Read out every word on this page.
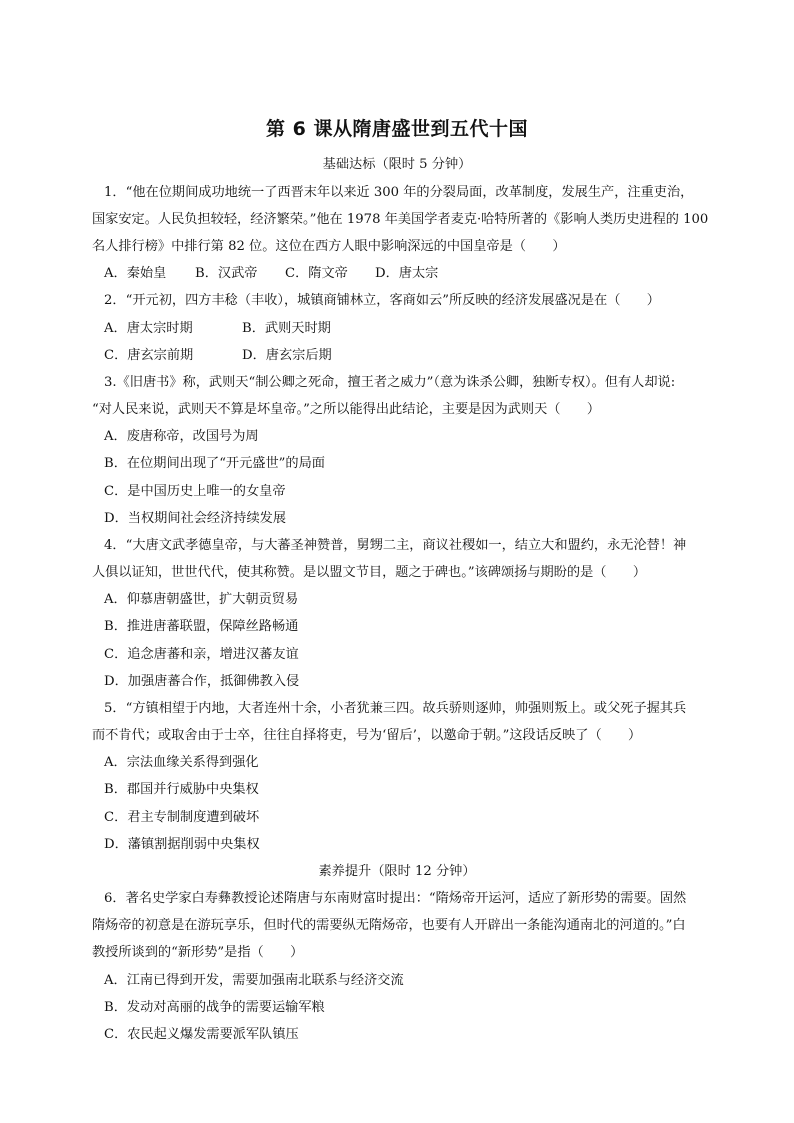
第 6 课从隋唐盛世到五代十国
基础达标（限时 5 分钟）
1．“他在位期间成功地统一了西晋末年以来近 300 年的分裂局面，改革制度，发展生产，注重吏治，
国家安定。人民负担较轻，经济繁荣。”他在 1978 年美国学者麦克·哈特所著的《影响人类历史进程的 100
名人排行榜》中排行第 82 位。这位在西方人眼中影响深远的中国皇帝是（　　）
A．秦始皇 B．汉武帝 C．隋文帝 D．唐太宗
2．“开元初，四方丰稔（丰收），城镇商铺林立，客商如云”所反映的经济发展盛况是在（　　）
A．唐太宗时期	B．武则天时期
C．唐玄宗前期	D．唐玄宗后期
3.《旧唐书》称，武则天“制公卿之死命，擅王者之威力”（意为诛杀公卿，独断专权）。但有人却说:
“对人民来说，武则天不算是坏皇帝。”之所以能得出此结论，主要是因为武则天（　　）
A．废唐称帝，改国号为周
B．在位期间出现了“开元盛世”的局面
C．是中国历史上唯一的女皇帝
D．当权期间社会经济持续发展
4．“大唐文武孝德皇帝，与大蕃圣神赞普，舅甥二主，商议社稷如一，结立大和盟约，永无沦替！神
人俱以证知，世世代代，使其称赞。是以盟文节目，题之于碑也。”该碑颂扬与期盼的是（　　）
A．仰慕唐朝盛世，扩大朝贡贸易
B．推进唐蕃联盟，保障丝路畅通
C．追念唐蕃和亲，增进汉蕃友谊
D．加强唐蕃合作，抵御佛教入侵
5．“方镇相望于内地，大者连州十余，小者犹兼三四。故兵骄则逐帅，帅强则叛上。或父死子握其兵
而不肯代；或取舍由于士卒，往往自择将吏，号为‘留后’，以邀命于朝。”这段话反映了（　　）
A．宗法血缘关系得到强化
B．郡国并行威胁中央集权
C．君主专制制度遭到破坏
D．藩镇割据削弱中央集权
素养提升（限时 12 分钟）
6．著名史学家白寿彝教授论述隋唐与东南财富时提出：“隋炀帝开运河，适应了新形势的需要。固然
隋炀帝的初意是在游玩享乐，但时代的需要纵无隋炀帝，也要有人开辟出一条能沟通南北的河道的。”白
教授所谈到的“新形势”是指（　　）
A．江南已得到开发，需要加强南北联系与经济交流
B．发动对高丽的战争的需要运输军粮
C．农民起义爆发需要派军队镇压
